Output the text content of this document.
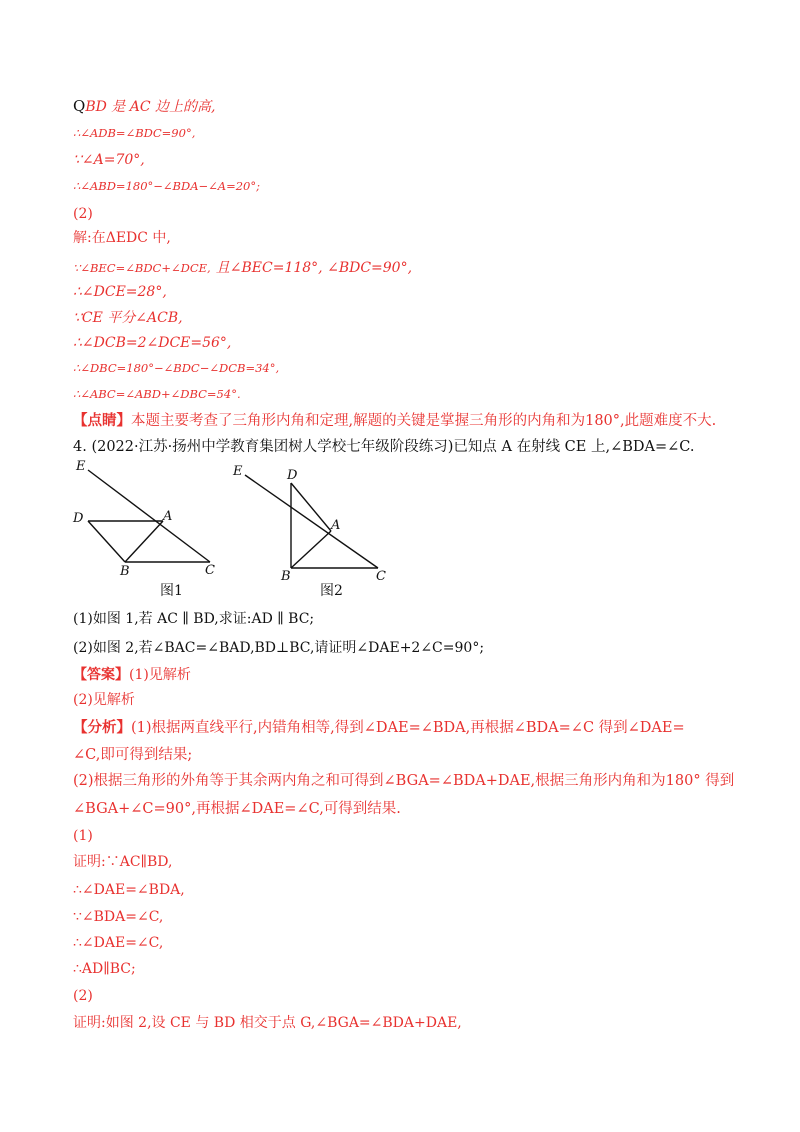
QBD 是 AC 边上的高,
∴∠ADB=∠BDC=90°,
∵∠A=70°,
∴∠ABD=180°−∠BDA−∠A=20°;
(2)
解:在ΔEDC 中,
∵∠BEC=∠BDC+∠DCE, 且∠BEC=118°, ∠BDC=90°,
∴∠DCE=28°,
∵CE 平分∠ACB,
∴∠DCB=2∠DCE=56°,
∴∠DBC=180°−∠BDC−∠DCB=34°,
∴∠ABC=∠ABD+∠DBC=54°.
【点睛】本题主要考查了三角形内角和定理,解题的关键是掌握三角形的内角和为180°,此题难度不大.
4. (2022·江苏·扬州中学教育集团树人学校七年级阶段练习)已知点 A 在射线 CE 上,∠BDA=∠C.
E
D	A
B	C
图1
E	D
A
B	C
图2
(1)如图 1,若 AC ∥ BD,求证:AD ∥ BC;
(2)如图 2,若∠BAC=∠BAD,BD⊥BC,请证明∠DAE+2∠C=90°;
【答案】(1)见解析
(2)见解析
【分析】(1)根据两直线平行,内错角相等,得到∠DAE=∠BDA,再根据∠BDA=∠C 得到∠DAE=
∠C,即可得到结果;
(2)根据三角形的外角等于其余两内角之和可得到∠BGA=∠BDA+DAE,根据三角形内角和为180° 得到
∠BGA+∠C=90°,再根据∠DAE=∠C,可得到结果.
(1)
证明:∵AC∥BD,
∴∠DAE=∠BDA,
∵∠BDA=∠C,
∴∠DAE=∠C,
∴AD∥BC;
(2)
证明:如图 2,设 CE 与 BD 相交于点 G,∠BGA=∠BDA+DAE,
